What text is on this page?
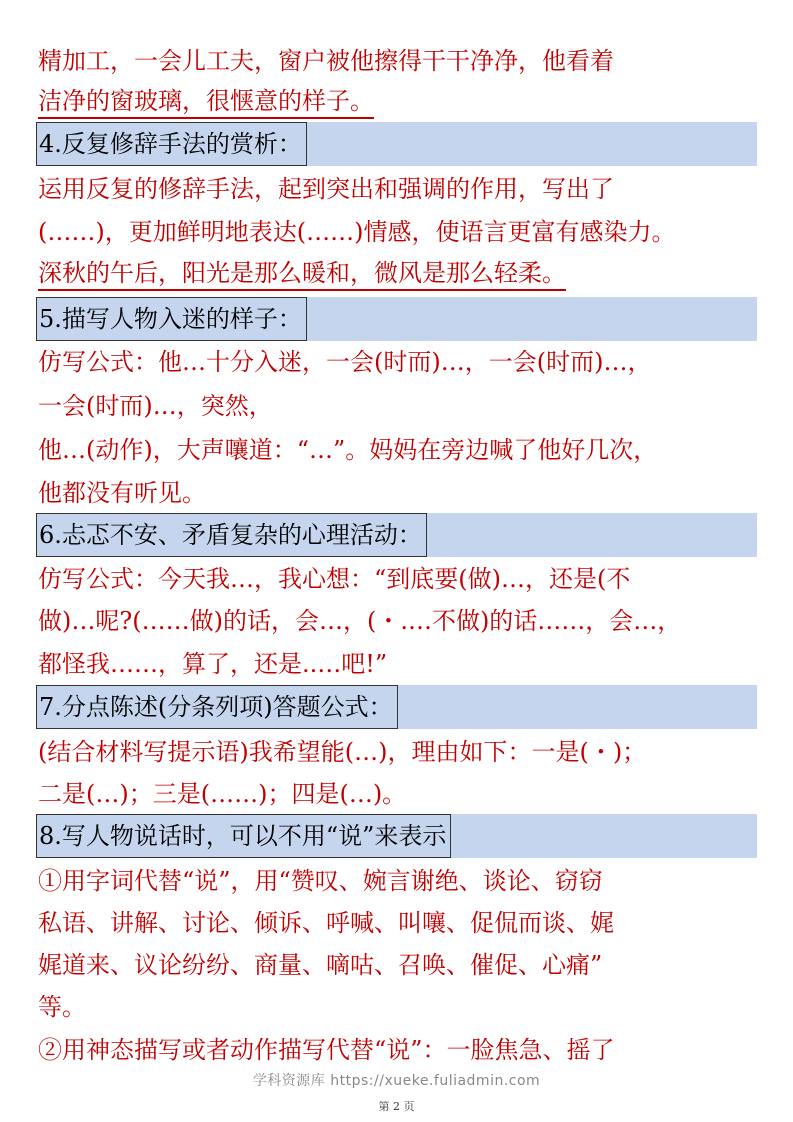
精加工，一会儿工夫，窗户被他擦得干干净净，他看着
洁净的窗玻璃，很惬意的样子。
4.反复修辞手法的赏析：
运用反复的修辞手法，起到突出和强调的作用，写出了
(……)，更加鲜明地表达(……)情感，使语言更富有感染力。
深秋的午后，阳光是那么暖和，微风是那么轻柔。
5.描写人物入迷的样子：
仿写公式：他…十分入迷，一会(时而)…，一会(时而)…，
一会(时而)…，突然，
他…(动作)，大声嚷道：“…”。妈妈在旁边喊了他好几次，
他都没有听见。
6.忐忑不安、矛盾复杂的心理活动：
仿写公式：今天我…，我心想：“到底要(做)…，还是(不
做)…呢?(……做)的话，会…，(・.…不做)的话……，会…，
都怪我……，算了，还是..…吧!”
7.分点陈述(分条列项)答题公式：
(结合材料写提示语)我希望能(…)，理由如下：一是(・)；
二是(…)；三是(……)；四是(…)。
8.写人物说话时，可以不用“说”来表示
①用字词代替“说”，用“赞叹、婉言谢绝、谈论、窃窃
私语、讲解、讨论、倾诉、呼喊、叫嚷、促侃而谈、娓
娓道来、议论纷纷、商量、嘀咕、召唤、催促、心痛”
等。
②用神态描写或者动作描写代替“说”：一脸焦急、摇了
学科资源库 https://xueke.fuliadmin.com
第 2 页
